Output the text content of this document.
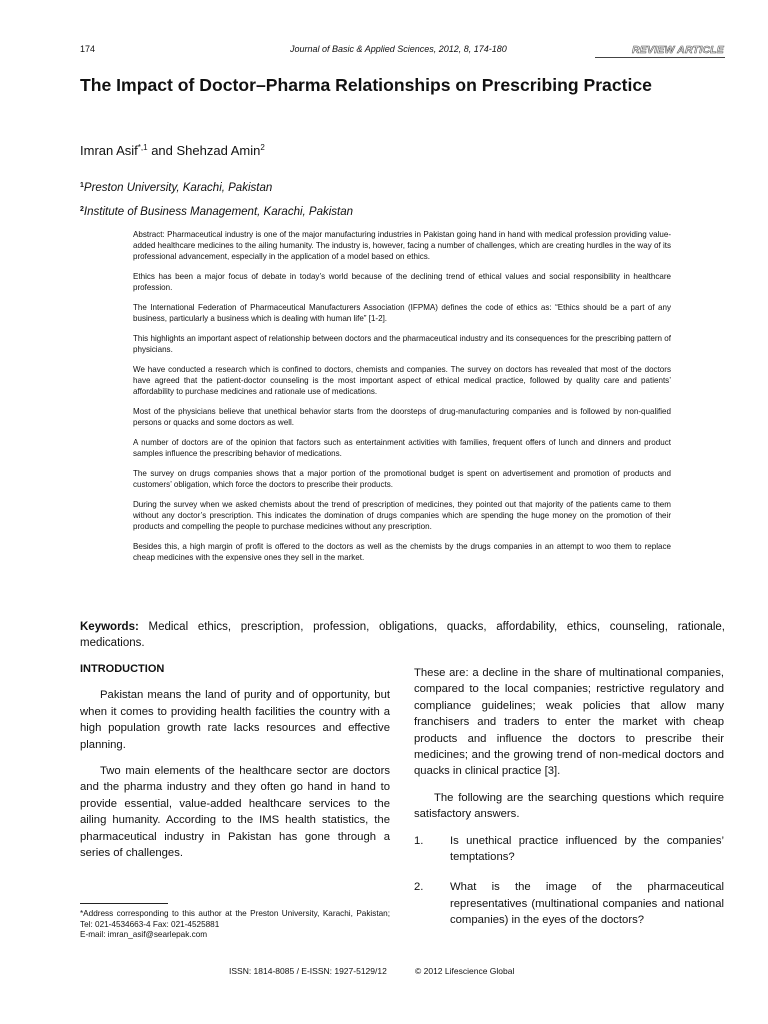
174	Journal of Basic & Applied Sciences, 2012, 8, 174-180	REVIEW ARTICLE
The Impact of Doctor–Pharma Relationships on Prescribing Practice
Imran Asif$^{*,1}$ and Shehzad Amin$^2$
$^1$Preston University, Karachi, Pakistan
$^2$Institute of Business Management, Karachi, Pakistan

Abstract: Pharmaceutical industry is one of the major manufacturing industries in Pakistan going hand in hand with medical profession providing value-added healthcare medicines to the ailing humanity. The industry is, however, facing a number of challenges, which are creating hurdles in the way of its professional advancement, especially in the application of a model based on ethics.

Ethics has been a major focus of debate in today’s world because of the declining trend of ethical values and social responsibility in healthcare profession.

The International Federation of Pharmaceutical Manufacturers Association (IFPMA) defines the code of ethics as: “Ethics should be a part of any business, particularly a business which is dealing with human life” [1-2].

This highlights an important aspect of relationship between doctors and the pharmaceutical industry and its consequences for the prescribing pattern of physicians.

We have conducted a research which is confined to doctors, chemists and companies. The survey on doctors has revealed that most of the doctors have agreed that the patient-doctor counseling is the most important aspect of ethical medical practice, followed by quality care and patients’ affordability to purchase medicines and rationale use of medications.

Most of the physicians believe that unethical behavior starts from the doorsteps of drug-manufacturing companies and is followed by non-qualified persons or quacks and some doctors as well.

A number of doctors are of the opinion that factors such as entertainment activities with families, frequent offers of lunch and dinners and product samples influence the prescribing behavior of medications.

The survey on drugs companies shows that a major portion of the promotional budget is spent on advertisement and promotion of products and customers’ obligation, which force the doctors to prescribe their products.

During the survey when we asked chemists about the trend of prescription of medicines, they pointed out that majority of the patients came to them without any doctor’s prescription. This indicates the domination of drugs companies which are spending the huge money on the promotion of their products and compelling the people to purchase medicines without any prescription.

Besides this, a high margin of profit is offered to the doctors as well as the chemists by the drugs companies in an attempt to woo them to replace cheap medicines with the expensive ones they sell in the market.

Keywords: Medical ethics, prescription, profession, obligations, quacks, affordability, ethics, counseling, rationale, medications.
INTRODUCTION

Pakistan means the land of purity and of opportunity, but when it comes to providing health facilities the country with a high population growth rate lacks resources and effective planning.

Two main elements of the healthcare sector are doctors and the pharma industry and they often go hand in hand to provide essential, value-added healthcare services to the ailing humanity. According to the IMS health statistics, the pharmaceutical industry in Pakistan has gone through a series of challenges.

These are: a decline in the share of multinational companies, compared to the local companies; restrictive regulatory and compliance guidelines; weak policies that allow many franchisers and traders to enter the market with cheap products and influence the doctors to prescribe their medicines; and the growing trend of non-medical doctors and quacks in clinical practice [3].

The following are the searching questions which require satisfactory answers.

1.	Is unethical practice influenced by the companies’ temptations?
2.	What is the image of the pharmaceutical representatives (multinational companies and national companies) in the eyes of the doctors?
*Address corresponding to this author at the Preston University, Karachi, Pakistan; Tel: 021-4534663-4 Fax: 021-4525881
E-mail: imran_asif@searlepak.com
ISSN: 1814-8085 / E-ISSN: 1927-5129/12	© 2012 Lifescience Global
